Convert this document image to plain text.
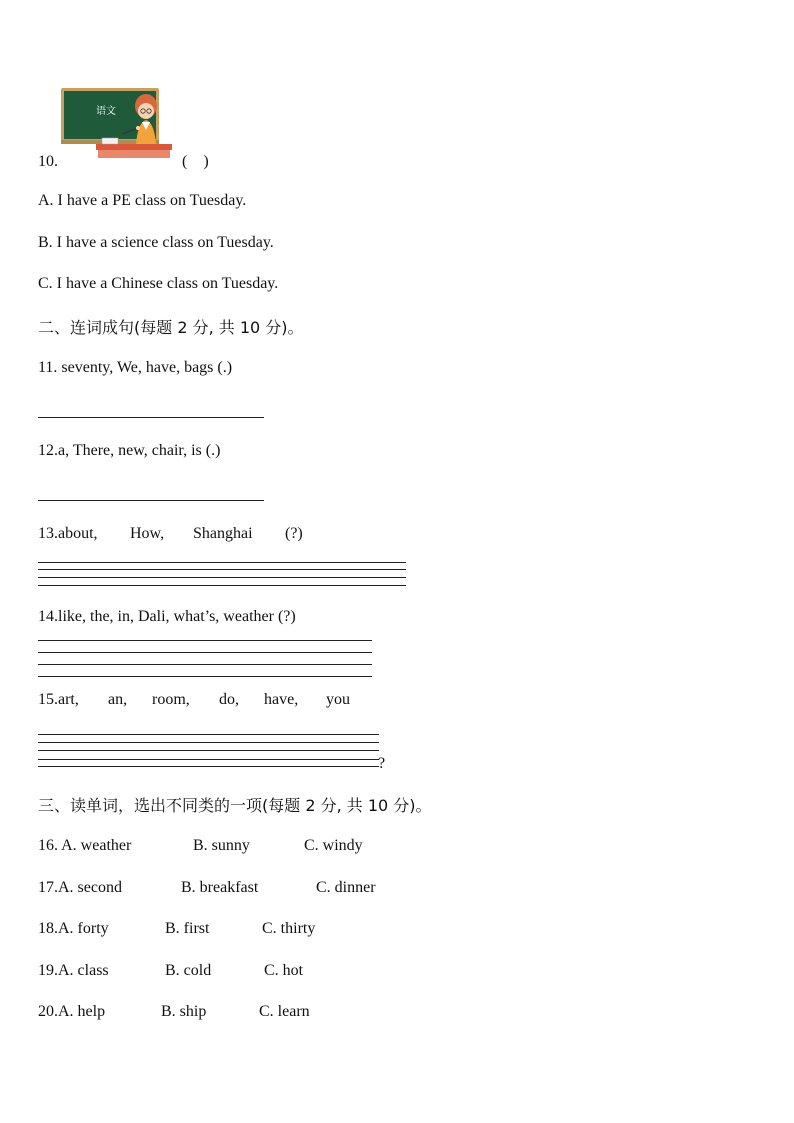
语文
10.	(    )
A. I have a PE class on Tuesday.
B. I have a science class on Tuesday.
C. I have a Chinese class on Tuesday.
二、连词成句(每题 2 分, 共 10 分)。
11. seventy, We, have, bags (.)
12.a, There, new, chair, is (.)
13.about, How, Shanghai (?)
14.like, the, in, Dali, what’s, weather (?)
15.art, an, room, do, have, you
?
三、读单词，选出不同类的一项(每题 2 分, 共 10 分)。
16. A. weather	B. sunny	C. windy
17.A. second	B. breakfast	C. dinner
18.A. forty	B. first	C. thirty
19.A. class	B. cold	C. hot
20.A. help	B. ship	C. learn
